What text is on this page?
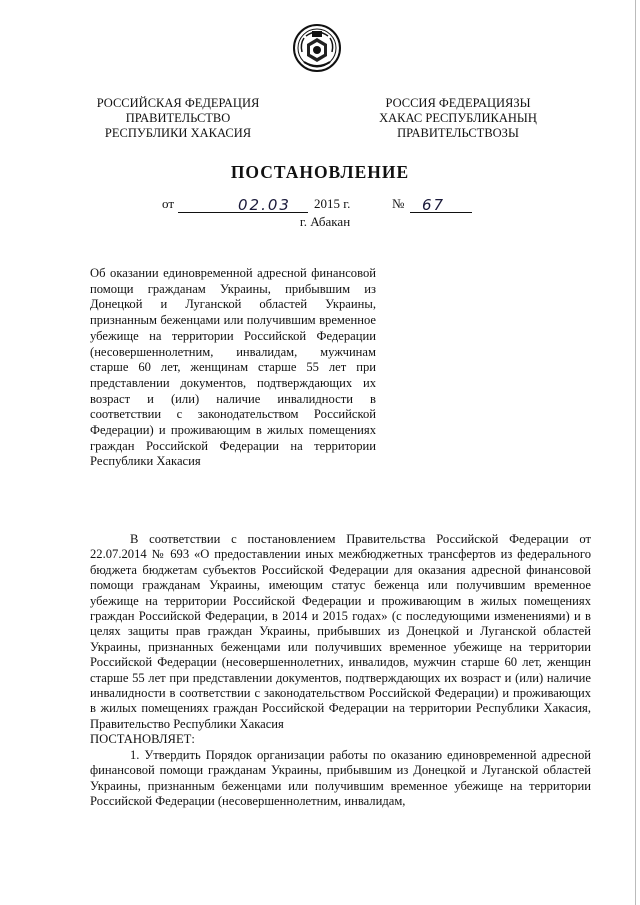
РОССИЙСКАЯ ФЕДЕРАЦИЯ
ПРАВИТЕЛЬСТВО
РЕСПУБЛИКИ ХАКАСИЯ
РОССИЯ ФЕДЕРАЦИЯЗЫ
ХАКАС РЕСПУБЛИКАНЫҢ
ПРАВИТЕЛЬСТВОЗЫ
ПОСТАНОВЛЕНИЕ
от	02.03 2015 г.	№ 67
г. Абакан
Об оказании единовременной адресной финансовой помощи гражданам Украины, прибывшим из Донецкой и Луганской областей Украины, признанным беженцами или получившим временное убежище на территории Российской Федерации (несовершеннолетним, инвалидам, мужчинам старше 60 лет, женщинам старше 55 лет при представлении документов, подтверждающих их возраст и (или) наличие инвалидности в соответствии с законодательством Российской Федерации) и проживающим в жилых помещениях граждан Российской Федерации на территории Республики Хакасия

В соответствии с постановлением Правительства Российской Федерации от 22.07.2014 № 693 «О предоставлении иных межбюджетных трансфертов из федерального бюджета бюджетам субъектов Российской Федерации для оказания адресной финансовой помощи гражданам Украины, имеющим статус беженца или получившим временное убежище на территории Российской Федерации и проживающим в жилых помещениях граждан Российской Федерации, в 2014 и 2015 годах» (с последующими изменениями) и в целях защиты прав граждан Украины, прибывших из Донецкой и Луганской областей Украины, признанных беженцами или получивших временное убежище на территории Российской Федерации (несовершеннолетних, инвалидов, мужчин старше 60 лет, женщин старше 55 лет при представлении документов, подтверждающих их возраст и (или) наличие инвалидности в соответствии с законодательством Российской Федерации) и проживающих в жилых помещениях граждан Российской Федерации на территории Республики Хакасия, Правительство Республики Хакасия

ПОСТАНОВЛЯЕТ:

1. Утвердить Порядок организации работы по оказанию единовременной адресной финансовой помощи гражданам Украины, прибывшим из Донецкой и Луганской областей Украины, признанным беженцами или получившим временное убежище на территории Российской Федерации (несовершеннолетним, инвалидам,
